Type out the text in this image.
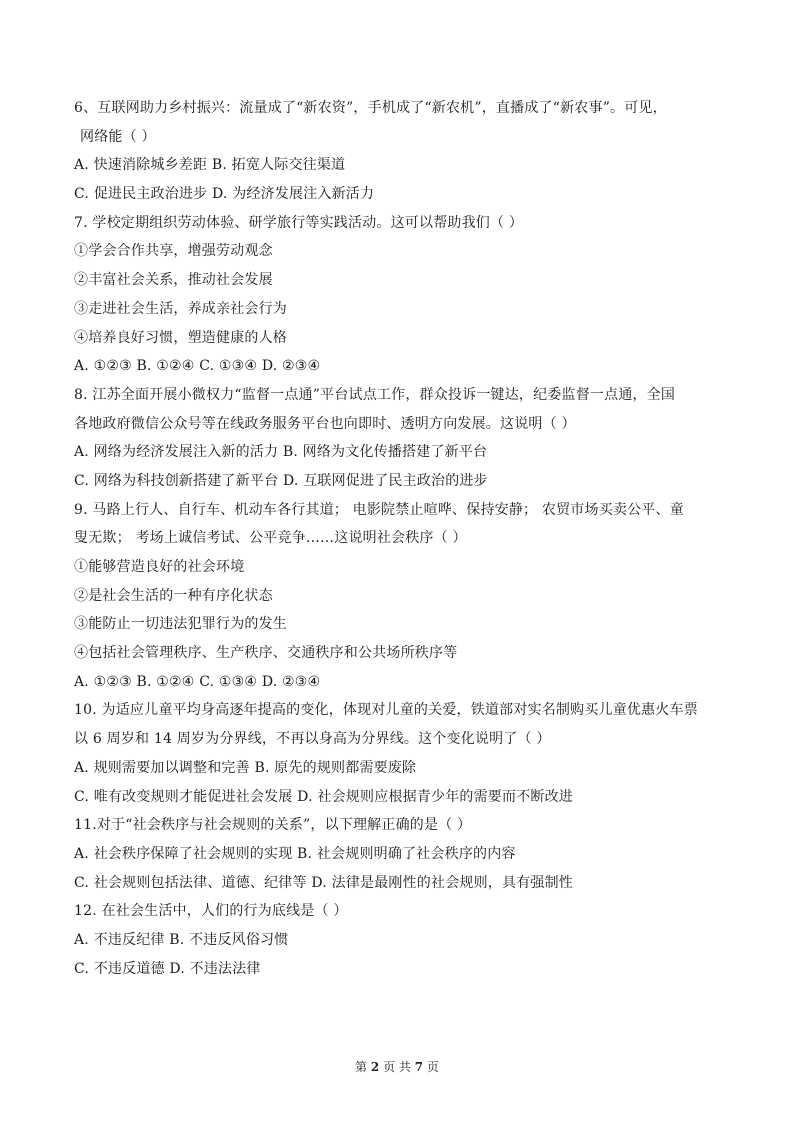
6、互联网助力乡村振兴：流量成了“新农资”，手机成了“新农机”，直播成了“新农事”。可见，
网络能（ ）
A. 快速消除城乡差距 B. 拓宽人际交往渠道
C. 促进民主政治进步 D. 为经济发展注入新活力
7. 学校定期组织劳动体验、研学旅行等实践活动。这可以帮助我们（ ）
①学会合作共享，增强劳动观念
②丰富社会关系，推动社会发展
③走进社会生活，养成亲社会行为
④培养良好习惯，塑造健康的人格
A. ①②③ B. ①②④ C. ①③④ D. ②③④
8. 江苏全面开展小微权力“监督一点通”平台试点工作，群众投诉一键达，纪委监督一点通，全国
各地政府微信公众号等在线政务服务平台也向即时、透明方向发展。这说明（ ）
A. 网络为经济发展注入新的活力 B. 网络为文化传播搭建了新平台
C. 网络为科技创新搭建了新平台 D. 互联网促进了民主政治的进步
9. 马路上行人、自行车、机动车各行其道； 电影院禁止喧哗、保持安静； 农贸市场买卖公平、童
叟无欺； 考场上诚信考试、公平竞争……这说明社会秩序（ ）
①能够营造良好的社会环境
②是社会生活的一种有序化状态
③能防止一切违法犯罪行为的发生
④包括社会管理秩序、生产秩序、交通秩序和公共场所秩序等
A. ①②③ B. ①②④ C. ①③④ D. ②③④
10. 为适应儿童平均身高逐年提高的变化，体现对儿童的关爱，铁道部对实名制购买儿童优惠火车票
以 6 周岁和 14 周岁为分界线，不再以身高为分界线。这个变化说明了（ ）
A. 规则需要加以调整和完善 B. 原先的规则都需要废除
C. 唯有改变规则才能促进社会发展 D. 社会规则应根据青少年的需要而不断改进
11.对于“社会秩序与社会规则的关系”，以下理解正确的是（ ）
A. 社会秩序保障了社会规则的实现 B. 社会规则明确了社会秩序的内容
C. 社会规则包括法律、道德、纪律等 D. 法律是最刚性的社会规则，具有强制性
12. 在社会生活中，人们的行为底线是（ ）
A. 不违反纪律 B. 不违反风俗习惯
C. 不违反道德 D. 不违法法律
第 2 页 共 7 页
